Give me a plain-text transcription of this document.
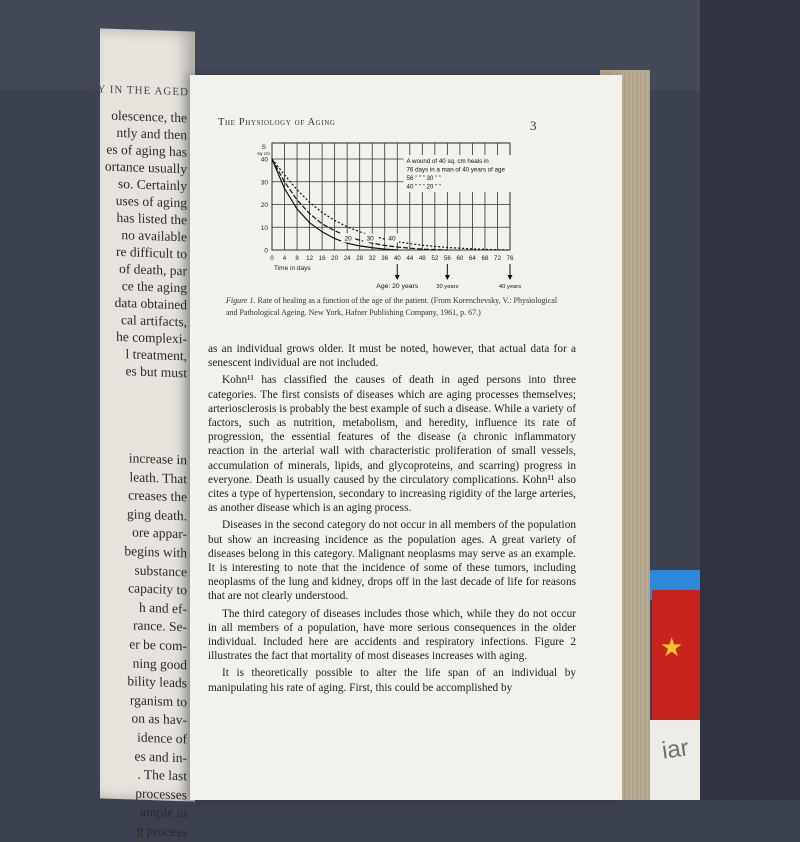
★
iar
RY IN THE AGED
olescence, the
ntly and then
es of aging has
ortance usually
so. Certainly
uses of aging
has listed the
no available
re difficult to
of death, par
ce the aging
data obtained
cal artifacts,
he complexi-
l treatment,
es but must
increase in
leath. That
creases the
ging death.
ore appar-
begins with
substance
capacity to
h and ef-
rance. Se-
er be com-
ning good
bility leads
rganism to
on as hav-
idence of
es and in-
. The last
processes
ample in
g process
The Physiology of Aging	3
20 30 40
0 4 8 12 16 20 24 28 32 36 40 44 48 52 56 60 64 68 72 76
0
10
20
30
40
S
sq cm
Time in days
A wound of 40 sq. cm heals in
76 days in a man of 40 years of age
56 ” ” ” 30 ” ”
40 ” ” ” 20 ” ”
Age: 20 years	30 years	40 years
Figure 1. Rate of healing as a function of the age of the patient. (From Korenchevsky, V.: Physiological and Pathological Ageing. New York, Hafner Publishing Company, 1961, p. 67.)

as an individual grows older. It must be noted, however, that actual data for a senescent individual are not included.

Kohn¹¹ has classified the causes of death in aged persons into three categories. The first consists of diseases which are aging processes themselves; arteriosclerosis is probably the best example of such a disease. While a variety of factors, such as nutrition, metabolism, and heredity, influence its rate of progression, the essential features of the disease (a chronic inflammatory reaction in the arterial wall with characteristic proliferation of small vessels, accumulation of minerals, lipids, and glycoproteins, and scarring) progress in everyone. Death is usually caused by the circulatory complications. Kohn¹¹ also cites a type of hypertension, secondary to increasing rigidity of the large arteries, as another disease which is an aging process.

Diseases in the second category do not occur in all members of the population but show an increasing incidence as the population ages. A great variety of diseases belong in this category. Malignant neoplasms may serve as an example. It is interesting to note that the incidence of some of these tumors, including neoplasms of the lung and kidney, drops off in the last decade of life for reasons that are not clearly understood.

The third category of diseases includes those which, while they do not occur in all members of a population, have more serious consequences in the older individual. Included here are accidents and respiratory infections. Figure 2 illustrates the fact that mortality of most diseases increases with aging.

It is theoretically possible to alter the life span of an individual by manipulating his rate of aging. First, this could be accomplished by
